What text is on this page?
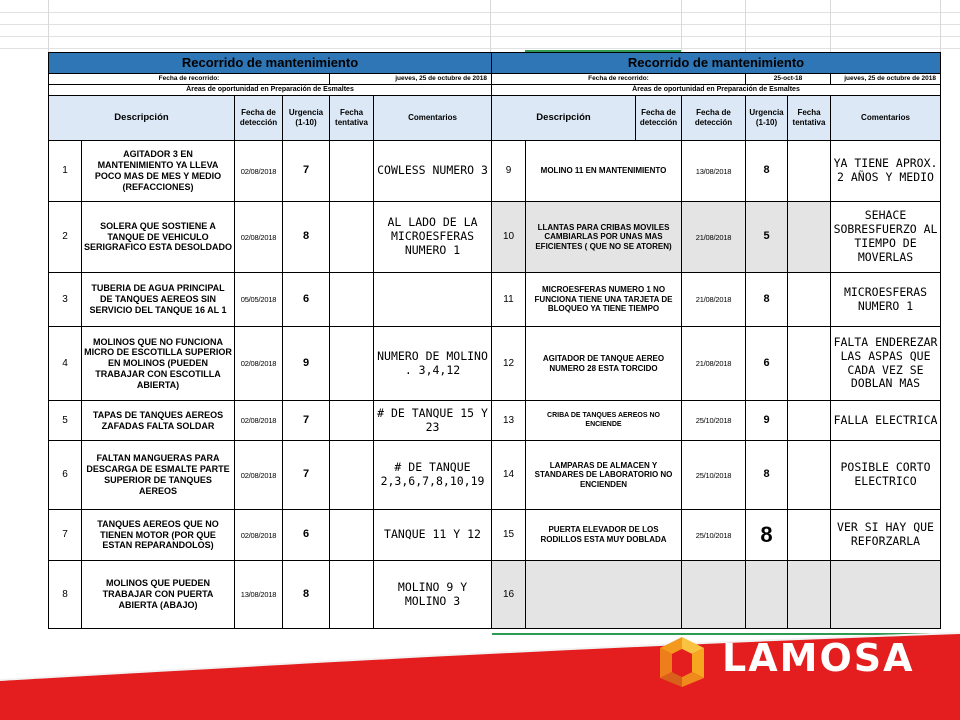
Recorrido de mantenimiento					
Fecha de recorrido:				jueves, 25 de octubre de 2018	
Áreas de oportunidad en Preparación de Esmaltes					
Descripción		Fecha de detección	Urgencia (1-10)	Fecha tentativa	Comentarios
1	AGITADOR 3 EN MANTENIMIENTO YA LLEVA POCO MAS DE MES Y MEDIO (REFACCIONES)	02/08/2018	7		COWLESS NUMERO 3
2	SOLERA QUE SOSTIENE A TANQUE DE VEHICULO SERIGRAFICO ESTA DESOLDADO	02/08/2018	8		AL LADO DE LA MICROESFERAS NUMERO 1
3	TUBERIA DE AGUA PRINCIPAL DE TANQUES AEREOS SIN SERVICIO DEL TANQUE 16 AL 1	05/05/2018	6		
4	MOLINOS QUE NO FUNCIONA MICRO DE ESCOTILLA SUPERIOR EN MOLINOS (PUEDEN TRABAJAR CON ESCOTILLA ABIERTA)	02/08/2018	9		NUMERO DE MOLINO . 3,4,12
5	TAPAS DE TANQUES AEREOS ZAFADAS FALTA SOLDAR	02/08/2018	7		# DE TANQUE 15 Y 23
6	FALTAN MANGUERAS PARA DESCARGA DE ESMALTE PARTE SUPERIOR DE TANQUES AEREOS	02/08/2018	7		# DE TANQUE 2,3,6,7,8,10,19
7	TANQUES AEREOS QUE NO TIENEN MOTOR (POR QUE ESTAN REPARANDOLOS)	02/08/2018	6		TANQUE 11 Y 12
8	MOLINOS QUE PUEDEN TRABAJAR CON PUERTA ABIERTA (ABAJO)	13/08/2018	8		MOLINO 9 Y MOLINO 3
Recorrido de mantenimiento						
Fecha de recorrido:				25-oct-18		jueves, 25 de octubre de 2018
Áreas de oportunidad en Preparación de Esmaltes						
Descripción		Fecha de detección	Fecha de detección	Urgencia (1-10)	Fecha tentativa	Comentarios
9	MOLINO 11 EN MANTENIMIENTO		13/08/2018	8		YA TIENE APROX. 2 AÑOS Y MEDIO
10	LLANTAS PARA CRIBAS MOVILES CAMBIARLAS POR UNAS MAS EFICIENTES ( QUE NO SE ATOREN)		21/08/2018	5		SEHACE SOBRESFUERZO AL TIEMPO DE MOVERLAS
11	MICROESFERAS NUMERO 1 NO FUNCIONA TIENE UNA TARJETA DE BLOQUEO YA TIENE TIEMPO		21/08/2018	8		MICROESFERAS NUMERO 1
12	AGITADOR DE TANQUE AEREO NUMERO 28 ESTA TORCIDO		21/08/2018	6		FALTA ENDEREZAR LAS ASPAS QUE CADA VEZ SE DOBLAN MAS
13	CRIBA DE TANQUES AEREOS NO ENCIENDE		25/10/2018	9		FALLA ELECTRICA
14	LAMPARAS DE ALMACEN Y STANDARES DE LABORATORIO NO ENCIENDEN		25/10/2018	8		POSIBLE CORTO ELECTRICO
15	PUERTA ELEVADOR DE LOS RODILLOS ESTA MUY DOBLADA		25/10/2018	8		VER SI HAY QUE REFORZARLA
16						
LAMOSA
